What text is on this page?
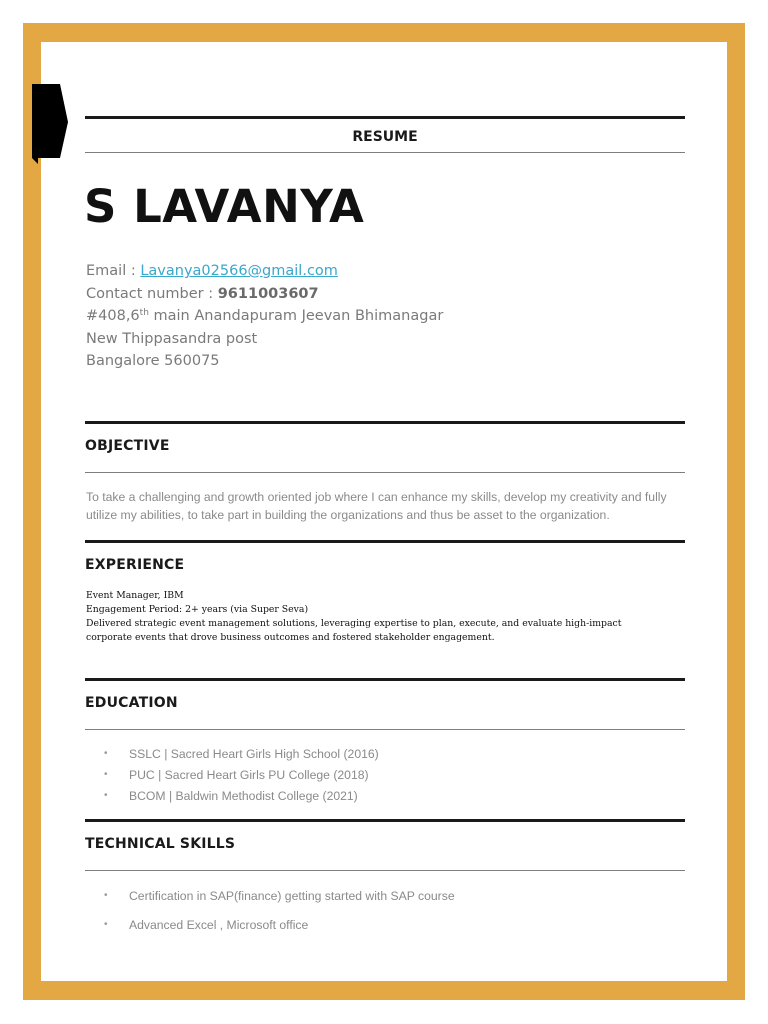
RESUME
S LAVANYA
Email : Lavanya02566@gmail.com
Contact number : 9611003607
#408,6th main Anandapuram Jeevan Bhimanagar
New Thippasandra post
Bangalore 560075
OBJECTIVE
To take a challenging and growth oriented job where I can enhance my skills, develop my creativity and fully utilize my abilities, to take part in building the organizations and thus be asset to the organization.
EXPERIENCE
Event Manager, IBM
Engagement Period: 2+ years (via Super Seva)
Delivered strategic event management solutions, leveraging expertise to plan, execute, and evaluate high-impact
corporate events that drove business outcomes and fostered stakeholder engagement.
EDUCATION
• SSLC | Sacred Heart Girls High School (2016)
• PUC | Sacred Heart Girls PU College (2018)
• BCOM | Baldwin Methodist College (2021)
TECHNICAL SKILLS
• Certification in SAP(finance) getting started with SAP course
• Advanced Excel , Microsoft office
